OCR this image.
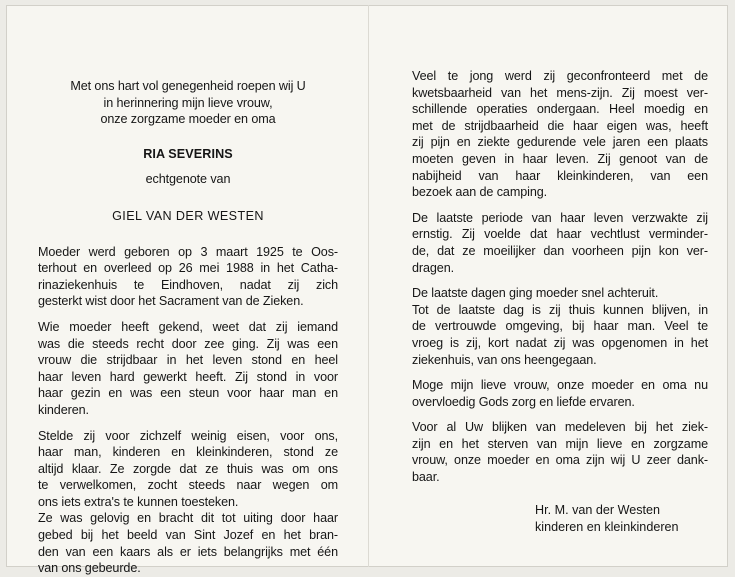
Met ons hart vol genegenheid roepen wij U
in herinnering mijn lieve vrouw,
onze zorgzame moeder en oma
RIA SEVERINS
echtgenote van
GIEL VAN DER WESTEN
Moeder werd geboren op 3 maart 1925 te Oos-
terhout en overleed op 26 mei 1988 in het Catha-
rinaziekenhuis te Eindhoven, nadat zij zich
gesterkt wist door het Sacrament van de Zieken.
Wie moeder heeft gekend, weet dat zij iemand
was die steeds recht door zee ging. Zij was een
vrouw die strijdbaar in het leven stond en heel
haar leven hard gewerkt heeft. Zij stond in voor
haar gezin en was een steun voor haar man en
kinderen.
Stelde zij voor zichzelf weinig eisen, voor ons,
haar man, kinderen en kleinkinderen, stond ze
altijd klaar. Ze zorgde dat ze thuis was om ons
te verwelkomen, zocht steeds naar wegen om
ons iets extra's te kunnen toesteken.
Ze was gelovig en bracht dit tot uiting door haar
gebed bij het beeld van Sint Jozef en het bran-
den van een kaars als er iets belangrijks met één
van ons gebeurde.
Veel te jong werd zij geconfronteerd met de
kwetsbaarheid van het mens-zijn. Zij moest ver-
schillende operaties ondergaan. Heel moedig en
met de strijdbaarheid die haar eigen was, heeft
zij pijn en ziekte gedurende vele jaren een plaats
moeten geven in haar leven. Zij genoot van de
nabijheid van haar kleinkinderen, van een
bezoek aan de camping.
De laatste periode van haar leven verzwakte zij
ernstig. Zij voelde dat haar vechtlust verminder-
de, dat ze moeilijker dan voorheen pijn kon ver-
dragen.
De laatste dagen ging moeder snel achteruit.
Tot de laatste dag is zij thuis kunnen blijven, in
de vertrouwde omgeving, bij haar man. Veel te
vroeg is zij, kort nadat zij was opgenomen in het
ziekenhuis, van ons heengegaan.
Moge mijn lieve vrouw, onze moeder en oma nu
overvloedig Gods zorg en liefde ervaren.
Voor al Uw blijken van medeleven bij het ziek-
zijn en het sterven van mijn lieve en zorgzame
vrouw, onze moeder en oma zijn wij U zeer dank-
baar.
Hr. M. van der Westen
kinderen en kleinkinderen
